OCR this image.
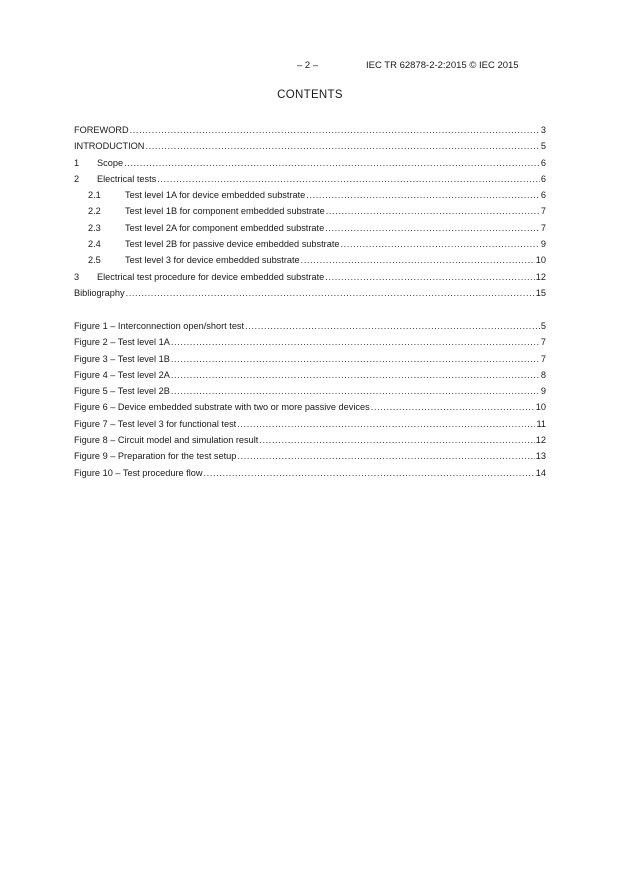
– 2 –	IEC TR 62878-2-2:2015 © IEC 2015
CONTENTS
FOREWORD .....	3
INTRODUCTION .....	5
1	Scope .....	6
2	Electrical tests .....	6
2.1	Test level 1A for device embedded substrate .....	6
2.2	Test level 1B for component embedded substrate .....	7
2.3	Test level 2A for component embedded substrate .....	7
2.4	Test level 2B for passive device embedded substrate .....	9
2.5	Test level 3 for device embedded substrate .....	10
3	Electrical test procedure for device embedded substrate .....	12
Bibliography .....	15
Figure 1 – Interconnection open/short test .....	5
Figure 2 – Test level 1A .....	7
Figure 3 – Test level 1B .....	7
Figure 4 – Test level 2A .....	8
Figure 5 – Test level 2B .....	9
Figure 6 – Device embedded substrate with two or more passive devices .....	10
Figure 7 – Test level 3 for functional test .....	11
Figure 8 – Circuit model and simulation result .....	12
Figure 9 – Preparation for the test setup .....	13
Figure 10 – Test procedure flow .....	14
